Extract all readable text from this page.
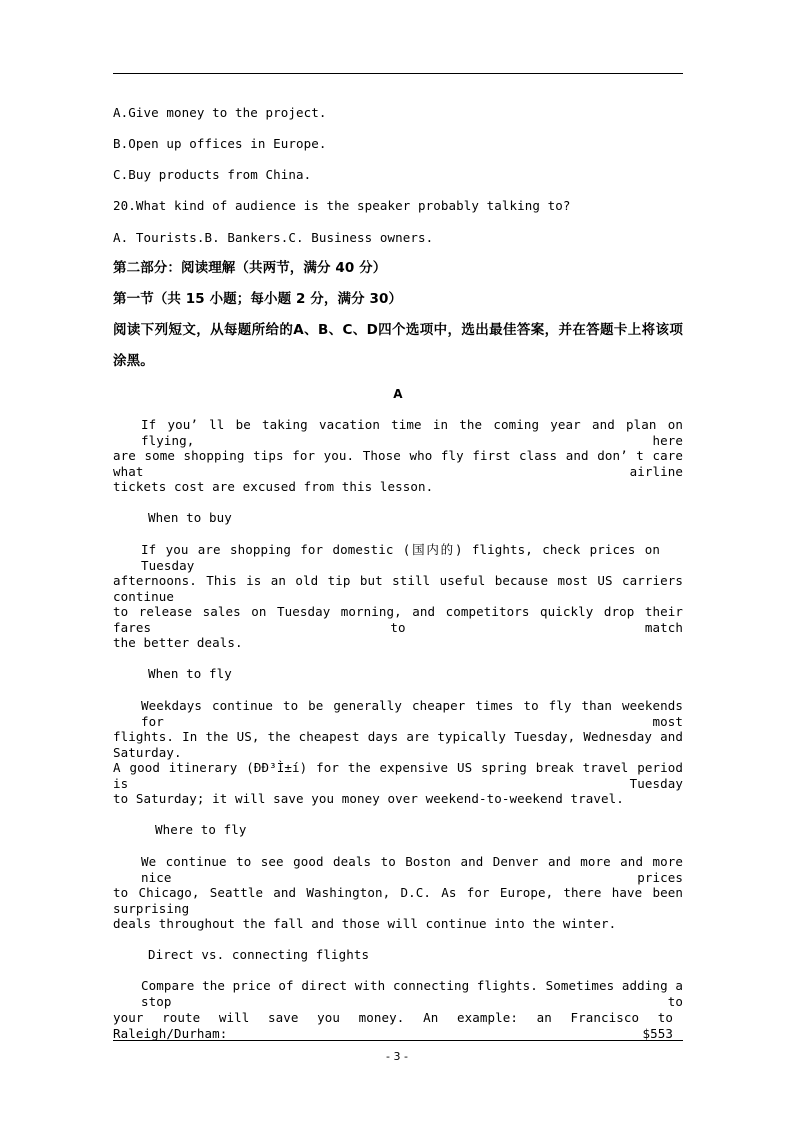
A.Give money to the project.
B.Open up offices in Europe.
C.Buy products from China.
20.What kind of audience is the speaker probably talking to?
A. Tourists.B. Bankers.C. Business owners.
第二部分：阅读理解（共两节，满分 40 分）
第一节（共 15 小题；每小题 2 分，满分 30）
阅读下列短文，从每题所给的A、B、C、D四个选项中，选出最佳答案，并在答题卡上将该项
涂黑。
A
If you’ ll be taking vacation time in the coming year and plan on flying, here
are some shopping tips for you. Those who fly first class and don’ t care what airline
tickets cost are excused from this lesson.
When to buy
If you are shopping for domestic (国内的) flights, check prices on Tuesday
afternoons. This is an old tip but still useful because most US carriers continue
to release sales on Tuesday morning, and competitors quickly drop their fares to match
the better deals.
When to fly
Weekdays continue to be generally cheaper times to fly than weekends for most
flights. In the US, the cheapest days are typically Tuesday, Wednesday and Saturday.
A good itinerary (ÐÐ³Ì±í) for the expensive US spring break travel period is Tuesday
to Saturday; it will save you money over weekend-to-weekend travel.
Where to fly
We continue to see good deals to Boston and Denver and more and more nice prices
to Chicago, Seattle and Washington, D.C. As for Europe, there have been surprising
deals throughout the fall and those will continue into the winter.
Direct vs. connecting flights
Compare the price of direct with connecting flights. Sometimes adding a stop to
your route will save you money. An example: an Francisco to Raleigh/Durham: $553
- 3 -
